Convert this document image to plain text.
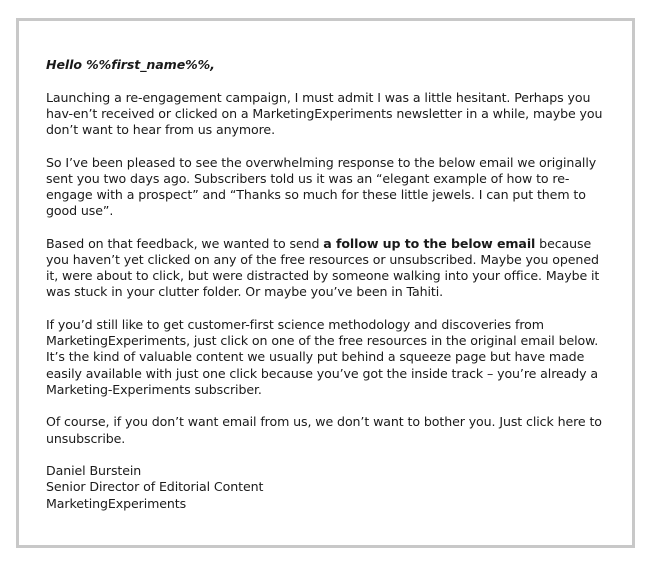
Hello %%first_name%%,

Launching a re-engagement campaign, I must admit I was a little hesitant. Perhaps you hav-en’t received or clicked on a MarketingExperiments newsletter in a while, maybe you don’t want to hear from us anymore.

So I’ve been pleased to see the overwhelming response to the below email we originally sent you two days ago. Subscribers told us it was an “elegant example of how to re-engage with a prospect” and “Thanks so much for these little jewels. I can put them to good use”.

Based on that feedback, we wanted to send a follow up to the below email because you haven’t yet clicked on any of the free resources or unsubscribed. Maybe you opened it, were about to click, but were distracted by someone walking into your office. Maybe it was stuck in your clutter folder. Or maybe you’ve been in Tahiti.

If you’d still like to get customer-first science methodology and discoveries from MarketingExperiments, just click on one of the free resources in the original email below. It’s the kind of valuable content we usually put behind a squeeze page but have made easily available with just one click because you’ve got the inside track – you’re already a Marketing-Experiments subscriber.

Of course, if you don’t want email from us, we don’t want to bother you. Just click here to unsubscribe.

Daniel Burstein

Senior Director of Editorial Content

MarketingExperiments
